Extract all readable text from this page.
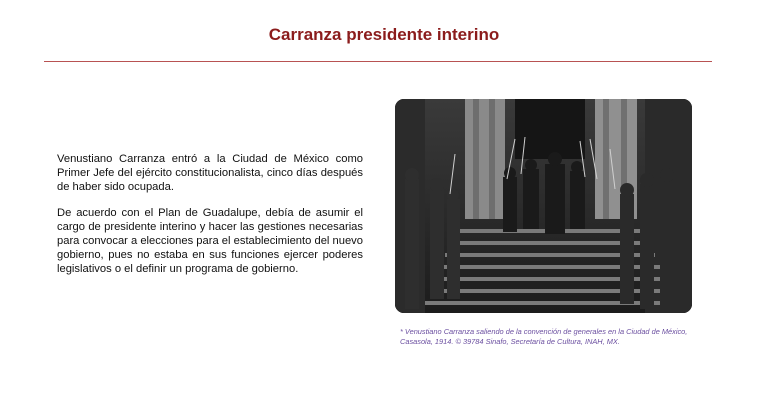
Carranza presidente interino

Venustiano Carranza entró a la Ciudad de México como Primer Jefe del ejército constitucionalista, cinco días después de haber sido ocupada.

De acuerdo con el Plan de Guadalupe, debía de asumir el cargo de presidente interino y hacer las gestiones necesarias para convocar a elecciones para el establecimiento del nuevo gobierno, pues no estaba en sus funciones ejercer poderes legislativos o el definir un programa de gobierno.

* Venustiano Carranza saliendo de la convención de generales en la Ciudad de México, Casasola, 1914. © 39784 Sinafo, Secretaría de Cultura, INAH, MX.
